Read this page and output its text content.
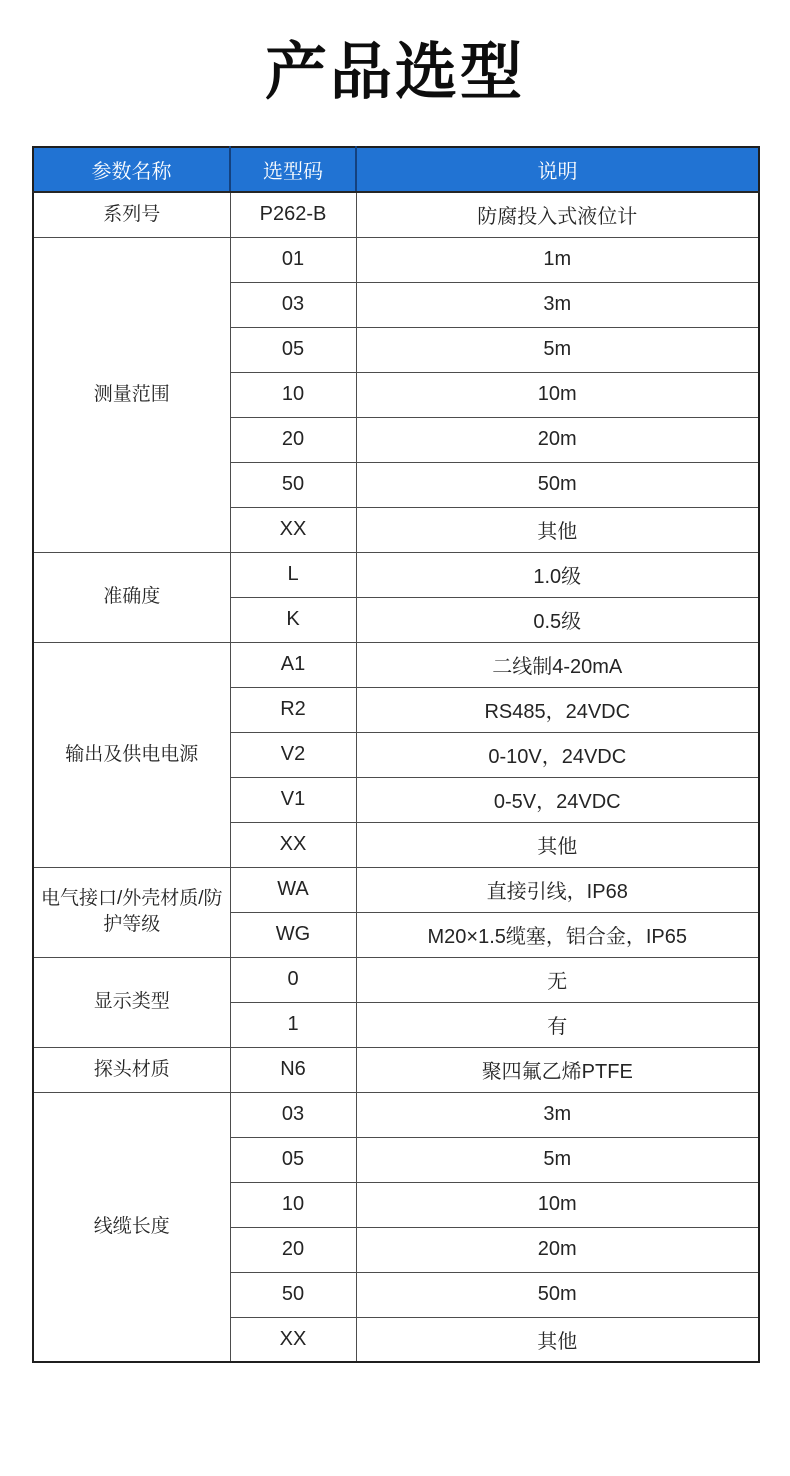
产品选型
参数名称	选型码	说明
系列号	P262-B	防腐投入式液位计
测量范围	01	1m
	03	3m
	05	5m
	10	10m
	20	20m
	50	50m
	XX	其他
准确度	L	1.0级
	K	0.5级
输出及供电电源	A1	二线制4-20mA
	R2	RS485，24VDC
	V2	0-10V，24VDC
	V1	0-5V，24VDC
	XX	其他
电气接口/外壳材质/防护等级	WA	直接引线，IP68
	WG	M20×1.5缆塞，铝合金，IP65
显示类型	0	无
	1	有
探头材质	N6	聚四氟乙烯PTFE
线缆长度	03	3m
	05	5m
	10	10m
	20	20m
	50	50m
	XX	其他
